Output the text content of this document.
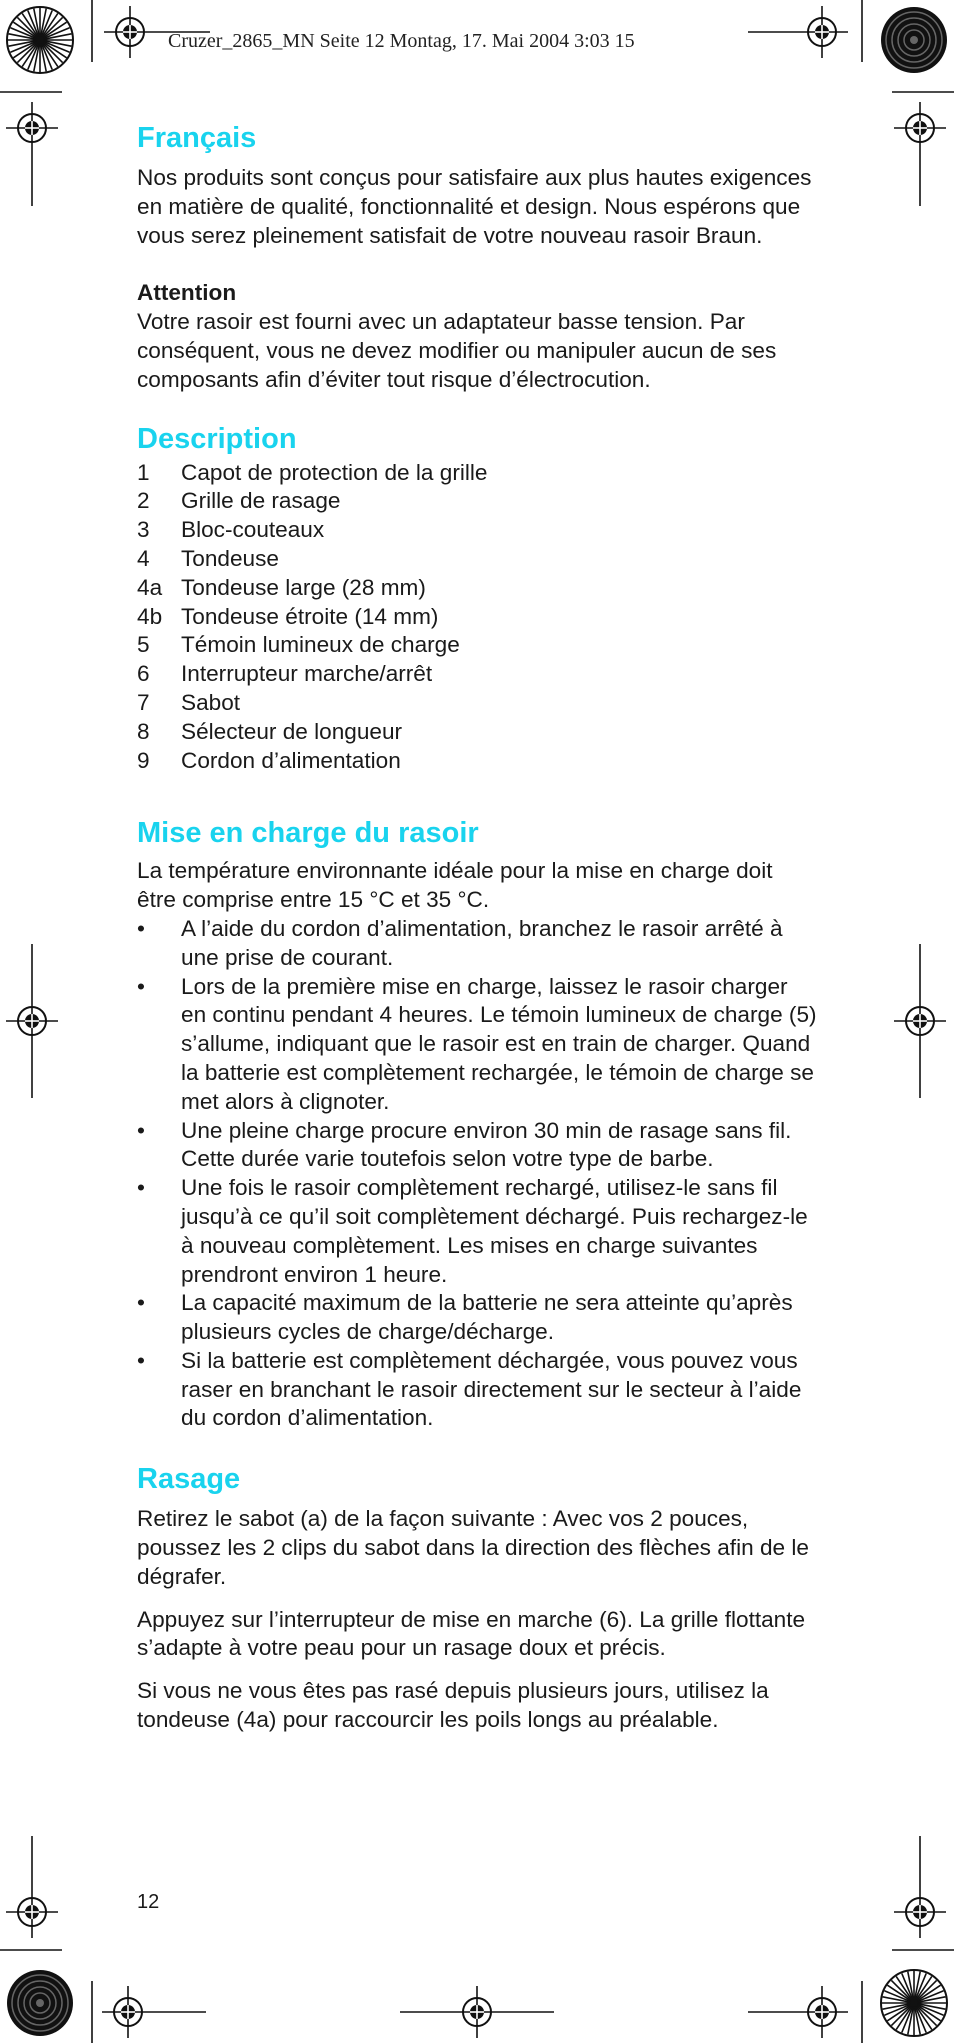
Cruzer_2865_MN Seite 12 Montag, 17. Mai 2004 3:03 15
Français

Nos produits sont conçus pour satisfaire aux plus hautes exigences en matière de qualité, fonctionnalité et design. Nous espérons que vous serez pleinement satisfait de votre nouveau rasoir Braun.

Attention

Votre rasoir est fourni avec un adaptateur basse tension. Par conséquent, vous ne devez modifier ou manipuler aucun de ses composants afin d’éviter tout risque d’électrocution.

Description
1 Capot de protection de la grille
2 Grille de rasage
3 Bloc-couteaux
4 Tondeuse
4a Tondeuse large (28 mm)
4b Tondeuse étroite (14 mm)
5 Témoin lumineux de charge
6 Interrupteur marche/arrêt
7 Sabot
8 Sélecteur de longueur
9 Cordon d’alimentation
Mise en charge du rasoir

La température environnante idéale pour la mise en charge doit être comprise entre 15 °C et 35 °C.

• A l’aide du cordon d’alimentation, branchez le rasoir arrêté à une prise de courant.
• Lors de la première mise en charge, laissez le rasoir charger en continu pendant 4 heures. Le témoin lumineux de charge (5) s’allume, indiquant que le rasoir est en train de charger. Quand la batterie est complètement rechargée, le témoin de charge se met alors à clignoter.
• Une pleine charge procure environ 30 min de rasage sans fil. Cette durée varie toutefois selon votre type de barbe.
• Une fois le rasoir complètement rechargé, utilisez-le sans fil jusqu’à ce qu’il soit complètement déchargé. Puis rechargez-le à nouveau complètement. Les mises en charge suivantes prendront environ 1 heure.
• La capacité maximum de la batterie ne sera atteinte qu’après plusieurs cycles de charge/décharge.
• Si la batterie est complètement déchargée, vous pouvez vous raser en branchant le rasoir directement sur le secteur à l’aide du cordon d’alimentation.
Rasage

Retirez le sabot (a) de la façon suivante : Avec vos 2 pouces, poussez les 2 clips du sabot dans la direction des flèches afin de le dégrafer.

Appuyez sur l’interrupteur de mise en marche (6). La grille flottante s’adapte à votre peau pour un rasage doux et précis.

Si vous ne vous êtes pas rasé depuis plusieurs jours, utilisez la tondeuse (4a) pour raccourcir les poils longs au préalable.

12
